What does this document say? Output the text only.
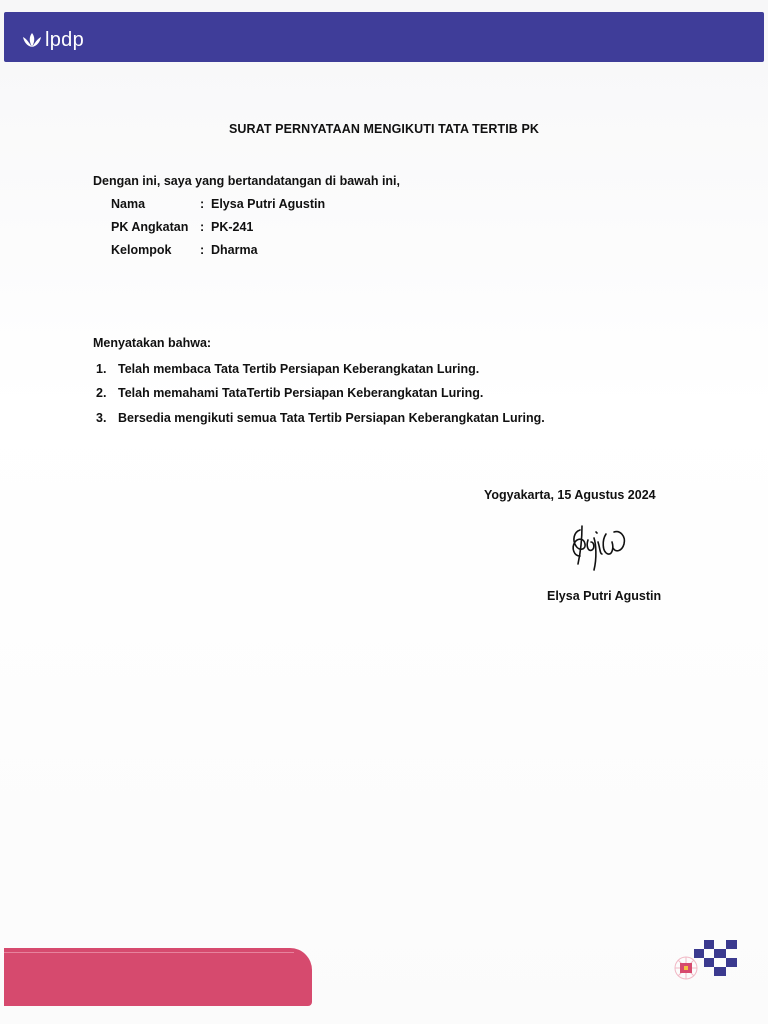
lpdp
SURAT PERNYATAAN MENGIKUTI TATA TERTIB PK
Dengan ini, saya yang bertandatangan di bawah ini,
Nama	: Elysa Putri Agustin
PK Angkatan : PK-241
Kelompok	: Dharma
Menyatakan bahwa:
1. Telah membaca Tata Tertib Persiapan Keberangkatan Luring.
2. Telah memahami TataTertib Persiapan Keberangkatan Luring.
3. Bersedia mengikuti semua Tata Tertib Persiapan Keberangkatan Luring.
Yogyakarta, 15 Agustus 2024
Elysa Putri Agustin
